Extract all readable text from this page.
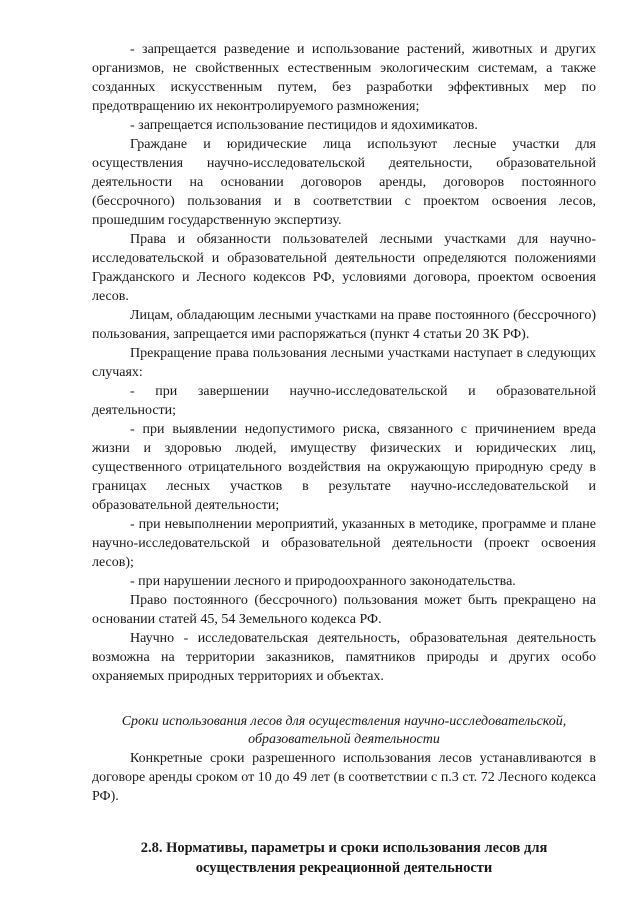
- запрещается разведение и использование растений, животных и других организмов, не свойственных естественным экологическим системам, а также созданных искусственным путем, без разработки эффективных мер по предотвращению их неконтролируемого размножения;

- запрещается использование пестицидов и ядохимикатов.

Граждане и юридические лица используют лесные участки для осуществления научно-исследовательской деятельности, образовательной деятельности на основании договоров аренды, договоров постоянного (бессрочного) пользования и в соответствии с проектом освоения лесов, прошедшим государственную экспертизу.

Права и обязанности пользователей лесными участками для научно-исследовательской и образовательной деятельности определяются положениями Гражданского и Лесного кодексов РФ, условиями договора, проектом освоения лесов.

Лицам, обладающим лесными участками на праве постоянного (бессрочного) пользования, запрещается ими распоряжаться (пункт 4 статьи 20 ЗК РФ).

Прекращение права пользования лесными участками наступает в следующих случаях:

- при завершении научно-исследовательской и образовательной деятельности;

- при выявлении недопустимого риска, связанного с причинением вреда жизни и здоровью людей, имуществу физических и юридических лиц, существенного отрицательного воздействия на окружающую природную среду в границах лесных участков в результате научно-исследовательской и образовательной деятельности;

- при невыполнении мероприятий, указанных в методике, программе и плане научно-исследовательской и образовательной деятельности (проект освоения лесов);

- при нарушении лесного и природоохранного законодательства.

Право постоянного (бессрочного) пользования может быть прекращено на основании статей 45, 54 Земельного кодекса РФ.

Научно - исследовательская деятельность, образовательная деятельность возможна на территории заказников, памятников природы и других особо охраняемых природных территориях и объектах.

Сроки использования лесов для осуществления научно-исследовательской, образовательной деятельности

Конкретные сроки разрешенного использования лесов устанавливаются в договоре аренды сроком от 10 до 49 лет (в соответствии с п.3 ст. 72 Лесного кодекса РФ).

2.8. Нормативы, параметры и сроки использования лесов для осуществления рекреационной деятельности
